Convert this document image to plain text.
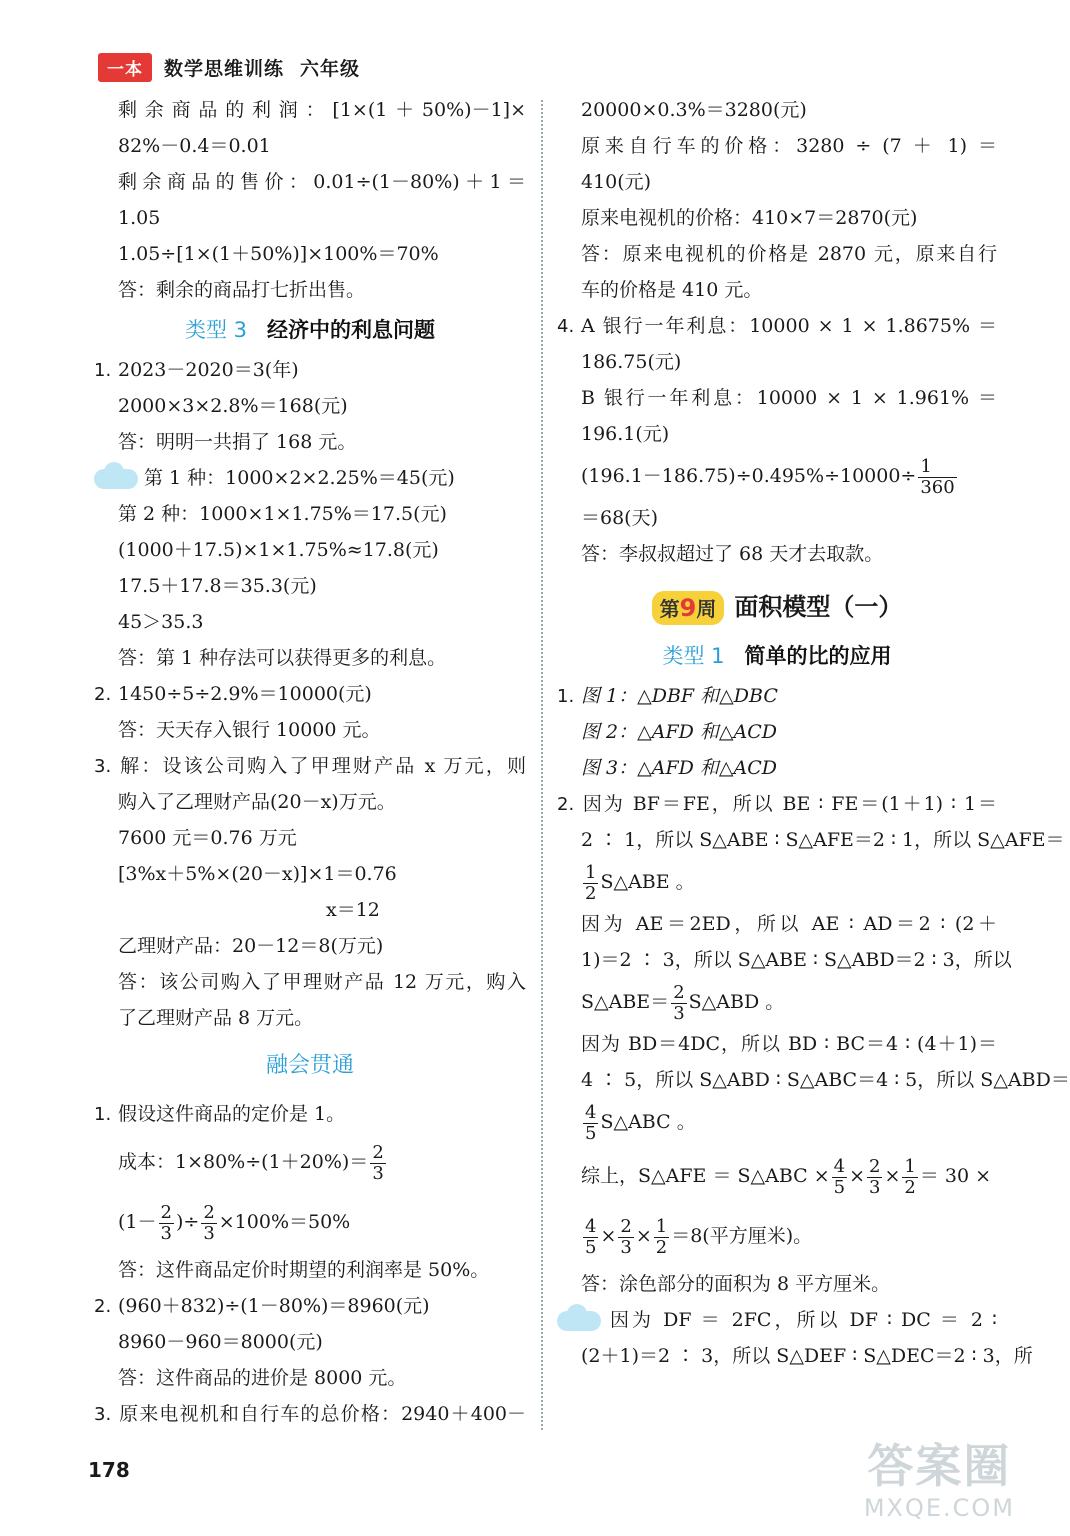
一本	数学思维训练 六年级
剩余商品的利润：[1×(1＋50%)－1]×
82%－0.4＝0.01
剩余商品的售价：0.01÷(1－80%)＋1＝
1.05
1.05÷[1×(1＋50%)]×100%＝70%
答：剩余的商品打七折出售。
类型 3 经济中的利息问题
1. 2023－2020＝3(年)
2000×3×2.8%＝168(元)
答：明明一共捐了 168 元。
第 1 种：1000×2×2.25%＝45(元)
第 2 种：1000×1×1.75%＝17.5(元)
(1000＋17.5)×1×1.75%≈17.8(元)
17.5＋17.8＝35.3(元)
45＞35.3
答：第 1 种存法可以获得更多的利息。
2. 1450÷5÷2.9%＝10000(元)
答：天天存入银行 10000 元。
3. 解：设该公司购入了甲理财产品 x 万元，则
购入了乙理财产品(20－x)万元。
7600 元＝0.76 万元
[3%x＋5%×(20－x)]×1＝0.76
x＝12
乙理财产品：20－12＝8(万元)
答：该公司购入了甲理财产品 12 万元，购入
了乙理财产品 8 万元。
融会贯通
1. 假设这件商品的定价是 1。
成本：$1\times 80\%\div(1+20\%)= \frac{2}{3}$
($1- \frac{2}{3}$ )÷ $\frac{2}{3} \times 100\%=50\%$
答：这件商品定价时期望的利润率是 50%。
2. (960＋832)÷(1－80%)＝8960(元)
8960－960＝8000(元)
答：这件商品的进价是 8000 元。
3. 原来电视机和自行车的总价格：2940＋400－
20000×0.3%＝3280(元)
原来自行车的价格：3280 ÷ (7 ＋ 1) ＝
410(元)
原来电视机的价格：410×7＝2870(元)
答：原来电视机的价格是 2870 元，原来自行
车的价格是 410 元。
4. A 银行一年利息：10000 × 1 × 1.8675% ＝
186.75(元)
B 银行一年利息：10000 × 1 × 1.961% ＝
196.1(元)
$(196.1-186.75)\div 0.495\%\div 10000\div \frac{1}{360}$
＝68(天)
答：李叔叔超过了 68 天才去取款。
第9周 面积模型（一）
类型 1 简单的比的应用
1. 图 1：△DBF 和△DBC
图 2：△AFD 和△ACD
图 3：△AFD 和△ACD
2. 因为 BF＝FE，所以 BE ∶ FE＝(1＋1) ∶ 1＝
2 ∶ 1，所以 S△ABE ∶ S△AFE＝2 ∶ 1，所以 S△AFE＝
$\frac{1}{2}$ S△ABE 。
因为 AE＝2ED，所以 AE ∶ AD＝2 ∶ (2＋
1)＝2 ∶ 3，所以 S△ABE ∶ S△ABD＝2 ∶ 3，所以
S△ABE＝ $\frac{2}{3}$ S△ABD 。
因为 BD＝4DC，所以 BD ∶ BC＝4 ∶ (4＋1)＝
4 ∶ 5，所以 S△ABD ∶ S△ABC＝4 ∶ 5，所以 S△ABD＝
$\frac{4}{5}$ S△ABC 。
综上，S△AFE ＝ S△ABC × $\frac{4}{5} \times \frac{2}{3} \times \frac{1}{2} = 30$ ×
$\frac{4}{5} \times \frac{2}{3} \times \frac{1}{2} =8$(平方厘米)。
答：涂色部分的面积为 8 平方厘米。
因为 DF ＝ 2FC，所以 DF ∶ DC ＝ 2 ∶
(2＋1)＝2 ∶ 3，所以 S△DEF ∶ S△DEC＝2 ∶ 3，所
178	答案圈
MXQE.COM
